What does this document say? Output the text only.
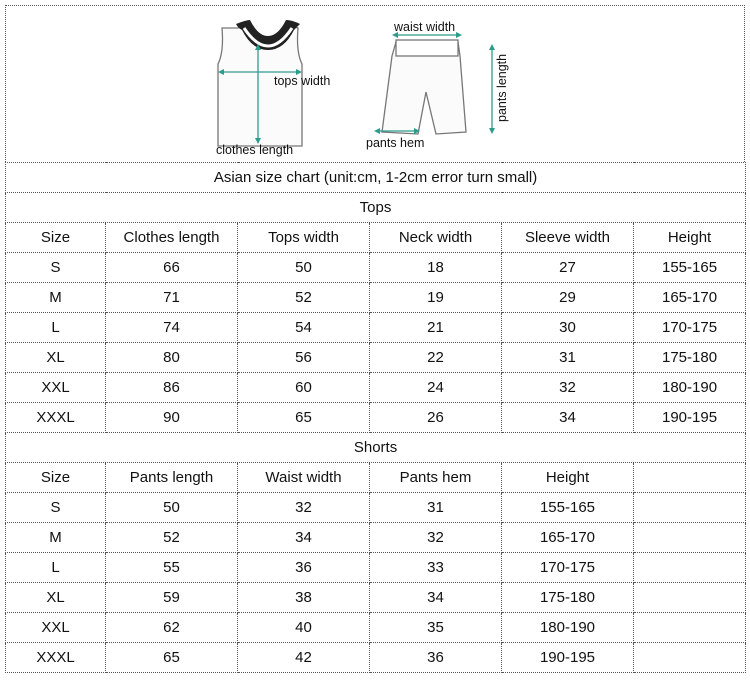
tops width
clothes length
waist width
pants length
pants hem
Asian size chart (unit:cm, 1-2cm error turn small)					
Tops					
Size	Clothes length	Tops width	Neck width	Sleeve width	Height
S	66	50	18	27	155-165
M	71	52	19	29	165-170
L	74	54	21	30	170-175
XL	80	56	22	31	175-180
XXL	86	60	24	32	180-190
XXXL	90	65	26	34	190-195
Shorts					
Size	Pants length	Waist width	Pants hem	Height	
S	50	32	31	155-165	
M	52	34	32	165-170	
L	55	36	33	170-175	
XL	59	38	34	175-180	
XXL	62	40	35	180-190	
XXXL	65	42	36	190-195	
